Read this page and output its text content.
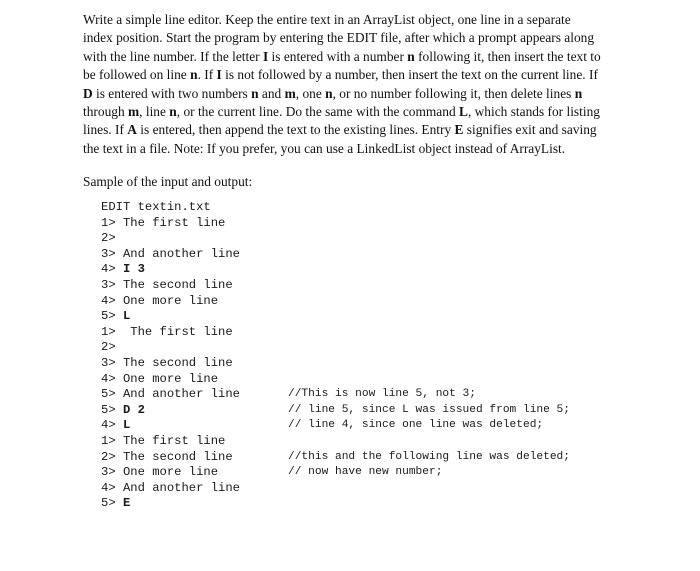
Write a simple line editor. Keep the entire text in an ArrayList object, one line in a separate
index position. Start the program by entering the EDIT file, after which a prompt appears along
with the line number. If the letter I is entered with a number n following it, then insert the text to
be followed on line n. If I is not followed by a number, then insert the text on the current line. If
D is entered with two numbers n and m, one n, or no number following it, then delete lines n
through m, line n, or the current line. Do the same with the command L, which stands for listing
lines. If A is entered, then append the text to the existing lines. Entry E signifies exit and saving
the text in a file. Note: If you prefer, you can use a LinkedList object instead of ArrayList.
Sample of the input and output:
EDIT textin.txt
1> The first line
2>
3> And another line
4> I 3
3> The second line
4> One more line
5> L
1>  The first line
2>
3> The second line
4> One more line
5> And another line	//This is now line 5, not 3;
5> D 2	// line 5, since L was issued from line 5;
4> L	// line 4, since one line was deleted;
1> The first line
2> The second line	//this and the following line was deleted;
3> One more line	// now have new number;
4> And another line
5> E
